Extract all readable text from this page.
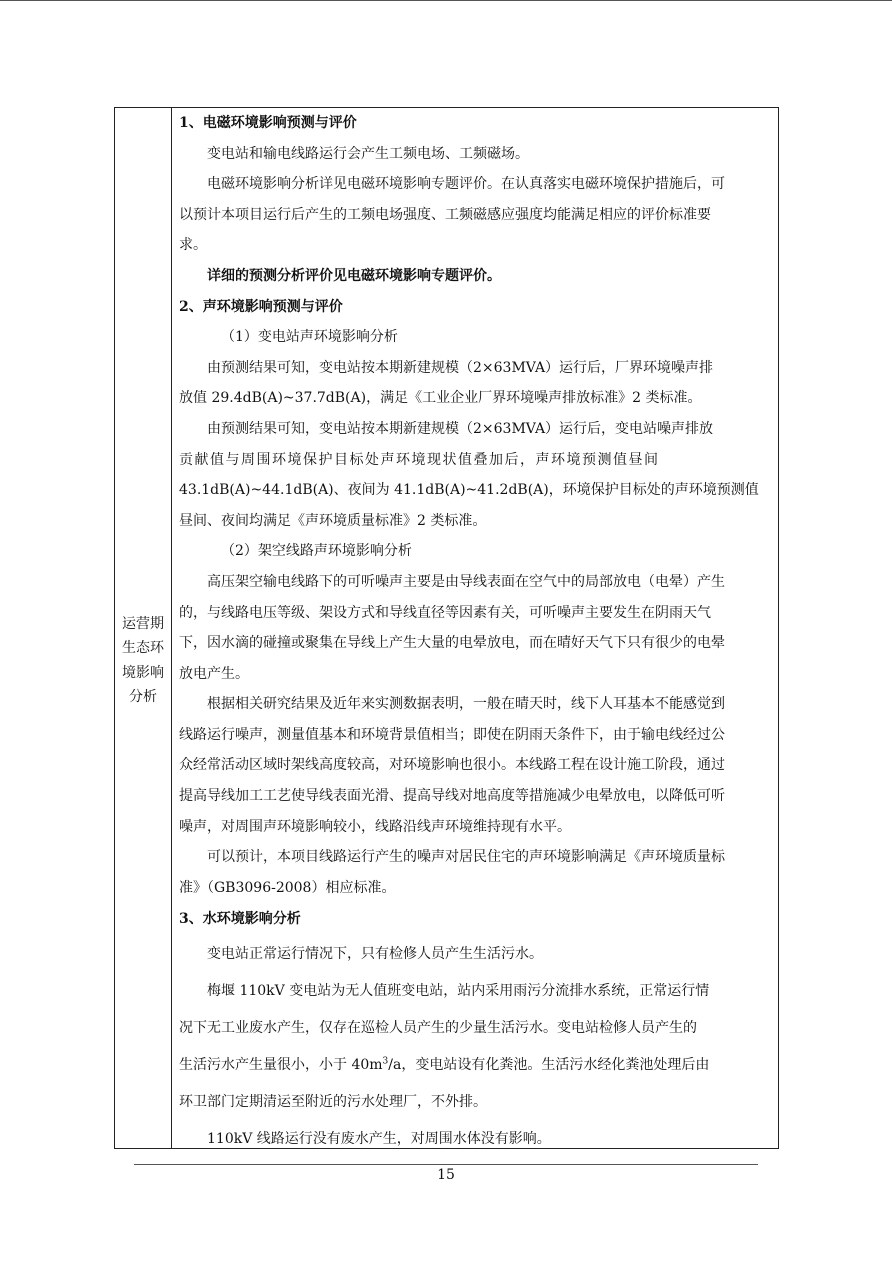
运营期
生态环
境影响
分析
1、电磁环境影响预测与评价
变电站和输电线路运行会产生工频电场、工频磁场。
电磁环境影响分析详见电磁环境影响专题评价。在认真落实电磁环境保护措施后，可
以预计本项目运行后产生的工频电场强度、工频磁感应强度均能满足相应的评价标准要
求。
详细的预测分析评价见电磁环境影响专题评价。
2、声环境影响预测与评价
（1）变电站声环境影响分析
由预测结果可知，变电站按本期新建规模（2×63MVA）运行后，厂界环境噪声排
放值 29.4dB(A)~37.7dB(A)，满足《工业企业厂界环境噪声排放标准》2 类标准。
由预测结果可知，变电站按本期新建规模（2×63MVA）运行后，变电站噪声排放
贡献值与周围环境保护目标处声环境现状值叠加后，声环境预测值昼间
43.1dB(A)~44.1dB(A)、夜间为 41.1dB(A)~41.2dB(A)，环境保护目标处的声环境预测值
昼间、夜间均满足《声环境质量标准》2 类标准。
（2）架空线路声环境影响分析
高压架空输电线路下的可听噪声主要是由导线表面在空气中的局部放电（电晕）产生
的，与线路电压等级、架设方式和导线直径等因素有关，可听噪声主要发生在阴雨天气
下，因水滴的碰撞或聚集在导线上产生大量的电晕放电，而在晴好天气下只有很少的电晕
放电产生。
根据相关研究结果及近年来实测数据表明，一般在晴天时，线下人耳基本不能感觉到
线路运行噪声，测量值基本和环境背景值相当；即使在阴雨天条件下，由于输电线经过公
众经常活动区域时架线高度较高，对环境影响也很小。本线路工程在设计施工阶段，通过
提高导线加工工艺使导线表面光滑、提高导线对地高度等措施减少电晕放电，以降低可听
噪声，对周围声环境影响较小，线路沿线声环境维持现有水平。
可以预计，本项目线路运行产生的噪声对居民住宅的声环境影响满足《声环境质量标
准》（GB3096-2008）相应标准。
3、水环境影响分析
变电站正常运行情况下，只有检修人员产生生活污水。
梅堰 110kV 变电站为无人值班变电站，站内采用雨污分流排水系统，正常运行情
况下无工业废水产生，仅存在巡检人员产生的少量生活污水。变电站检修人员产生的
生活污水产生量很小，小于 $40m^3/a$，变电站设有化粪池。生活污水经化粪池处理后由
环卫部门定期清运至附近的污水处理厂，不外排。
110kV 线路运行没有废水产生，对周围水体没有影响。
15
